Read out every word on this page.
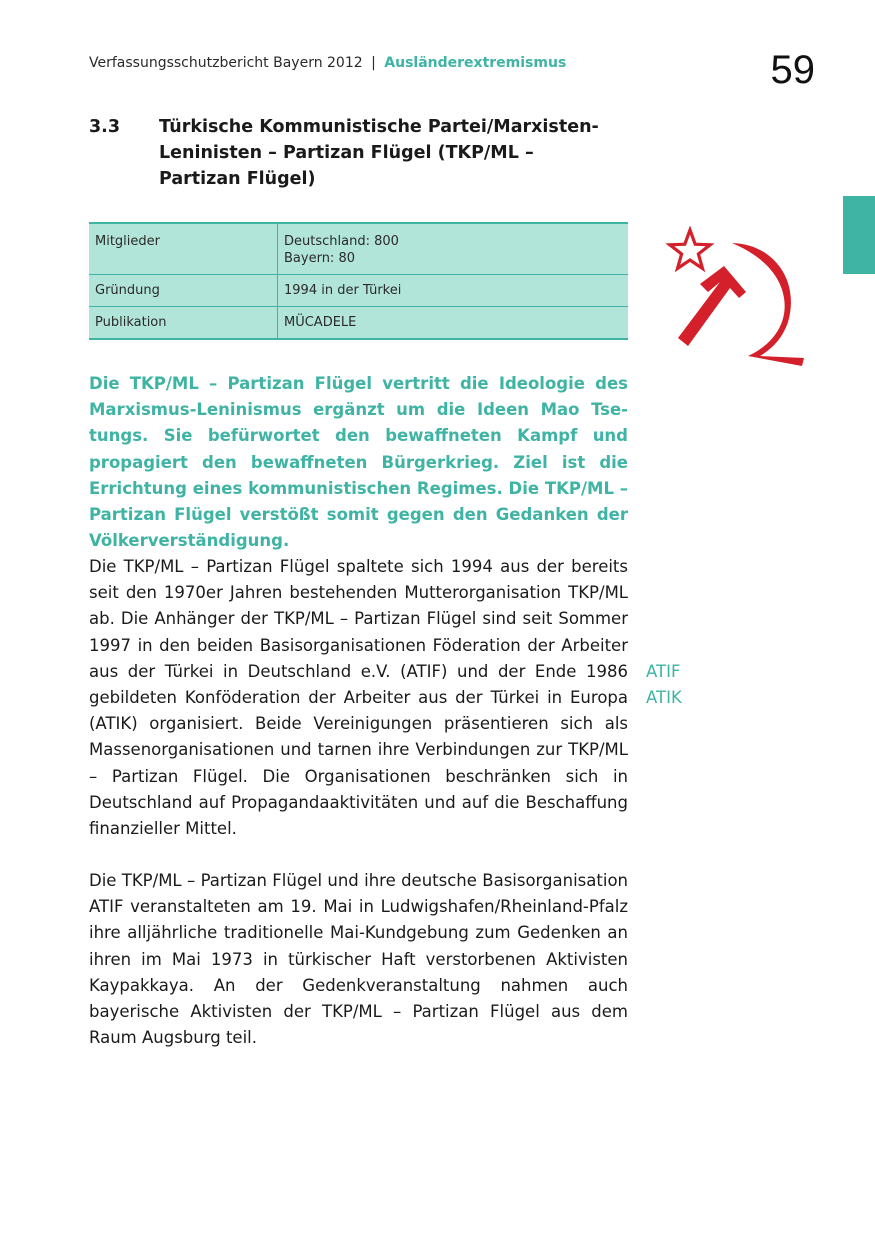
Verfassungsschutzbericht Bayern 2012 | Ausländerextremismus	59
3.3 Türkische Kommunistische Partei/Marxisten-Leninisten – Partizan Flügel (TKP/ML – Partizan Flügel)
Mitglieder	Deutschland: 800
Bayern: 80

Gründung	1994 in der Türkei

Publikation	MÜCADELE

Die TKP/ML – Partizan Flügel vertritt die Ideologie des Marxismus-Leninismus ergänzt um die Ideen Mao Tse-tungs. Sie befürwortet den bewaffneten Kampf und propagiert den bewaffneten Bürgerkrieg. Ziel ist die Errichtung eines kommunistischen Regimes. Die TKP/ML – Partizan Flügel verstößt somit gegen den Gedanken der Völkerverständigung.

Die TKP/ML – Partizan Flügel spaltete sich 1994 aus der bereits seit den 1970er Jahren bestehenden Mutterorganisation TKP/ML ab. Die Anhänger der TKP/ML – Partizan Flügel sind seit Sommer 1997 in den beiden Basisorganisationen Föderation der Arbeiter aus der Türkei in Deutschland e.V. (ATIF) und der Ende 1986 gebildeten Konföderation der Arbeiter aus der Türkei in Europa (ATIK) organisiert. Beide Vereinigungen präsentieren sich als Massenorganisationen und tarnen ihre Verbindungen zur TKP/ML – Partizan Flügel. Die Organisationen beschränken sich in Deutschland auf Propagandaaktivitäten und auf die Beschaffung finanzieller Mittel.

ATIF
ATIK

Die TKP/ML – Partizan Flügel und ihre deutsche Basisorganisation ATIF veranstalteten am 19. Mai in Ludwigshafen/Rheinland-Pfalz ihre alljährliche traditionelle Mai-Kundgebung zum Gedenken an ihren im Mai 1973 in türkischer Haft verstorbenen Aktivisten Kaypakkaya. An der Gedenkveranstaltung nahmen auch bayerische Aktivisten der TKP/ML – Partizan Flügel aus dem Raum Augsburg teil.
